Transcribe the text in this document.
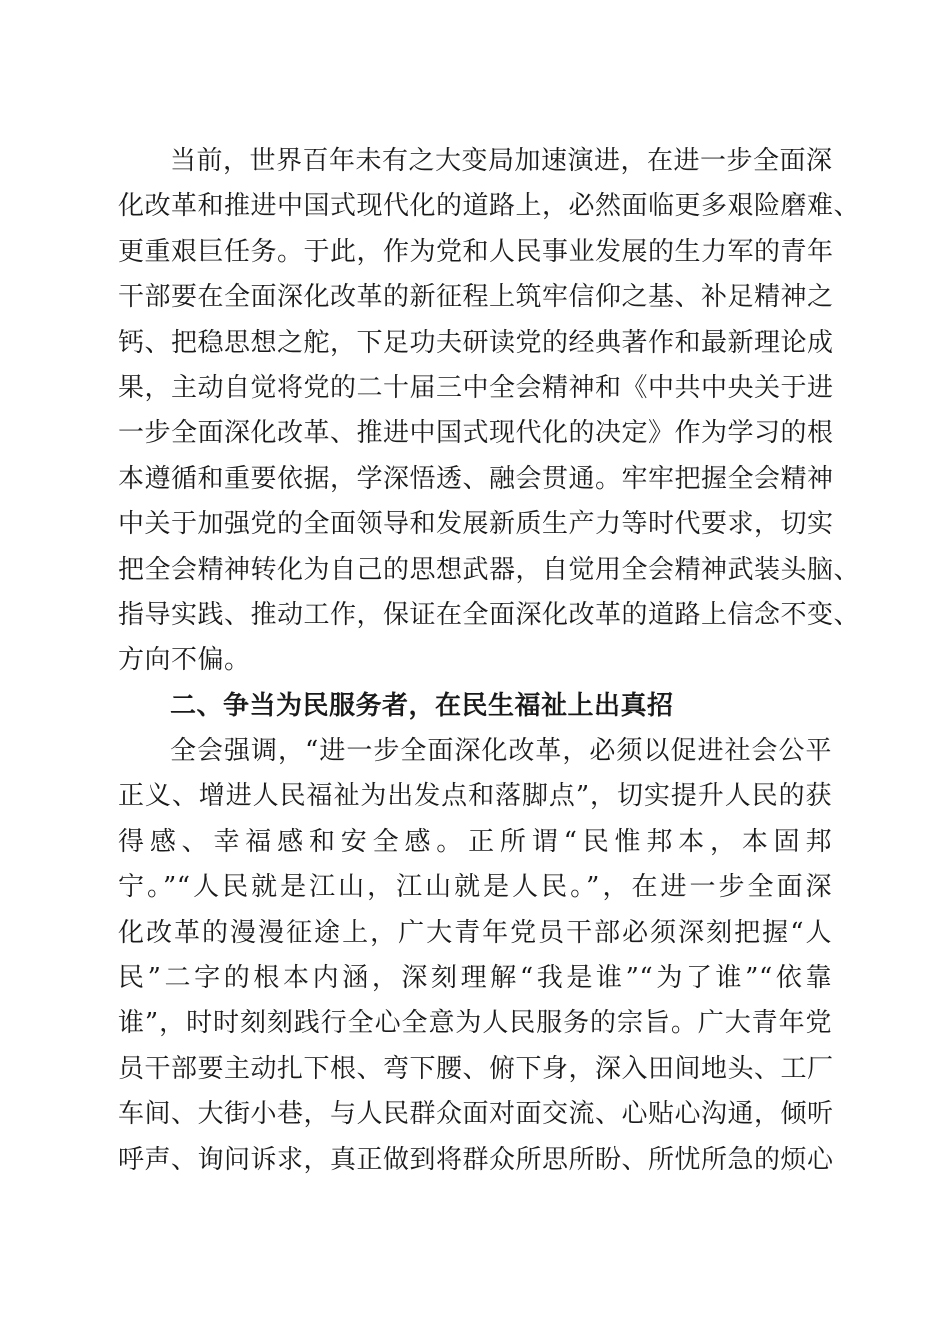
当前，世界百年未有之大变局加速演进，在进一步全面深
化改革和推进中国式现代化的道路上，必然面临更多艰险磨难、
更重艰巨任务。于此，作为党和人民事业发展的生力军的青年
干部要在全面深化改革的新征程上筑牢信仰之基、补足精神之
钙、把稳思想之舵，下足功夫研读党的经典著作和最新理论成
果，主动自觉将党的二十届三中全会精神和《中共中央关于进
一步全面深化改革、推进中国式现代化的决定》作为学习的根
本遵循和重要依据，学深悟透、融会贯通。牢牢把握全会精神
中关于加强党的全面领导和发展新质生产力等时代要求，切实
把全会精神转化为自己的思想武器，自觉用全会精神武装头脑、
指导实践、推动工作，保证在全面深化改革的道路上信念不变、
方向不偏。
二、争当为民服务者，在民生福祉上出真招
全会强调，“进一步全面深化改革，必须以促进社会公平
正义、增进人民福祉为出发点和落脚点”，切实提升人民的获
得感、幸福感和安全感。正所谓“民惟邦本，本固邦
宁。”“人民就是江山，江山就是人民。”，在进一步全面深
化改革的漫漫征途上，广大青年党员干部必须深刻把握“人
民”二字的根本内涵，深刻理解“我是谁”“为了谁”“依靠
谁”，时时刻刻践行全心全意为人民服务的宗旨。广大青年党
员干部要主动扎下根、弯下腰、俯下身，深入田间地头、工厂
车间、大街小巷，与人民群众面对面交流、心贴心沟通，倾听
呼声、询问诉求，真正做到将群众所思所盼、所忧所急的烦心
